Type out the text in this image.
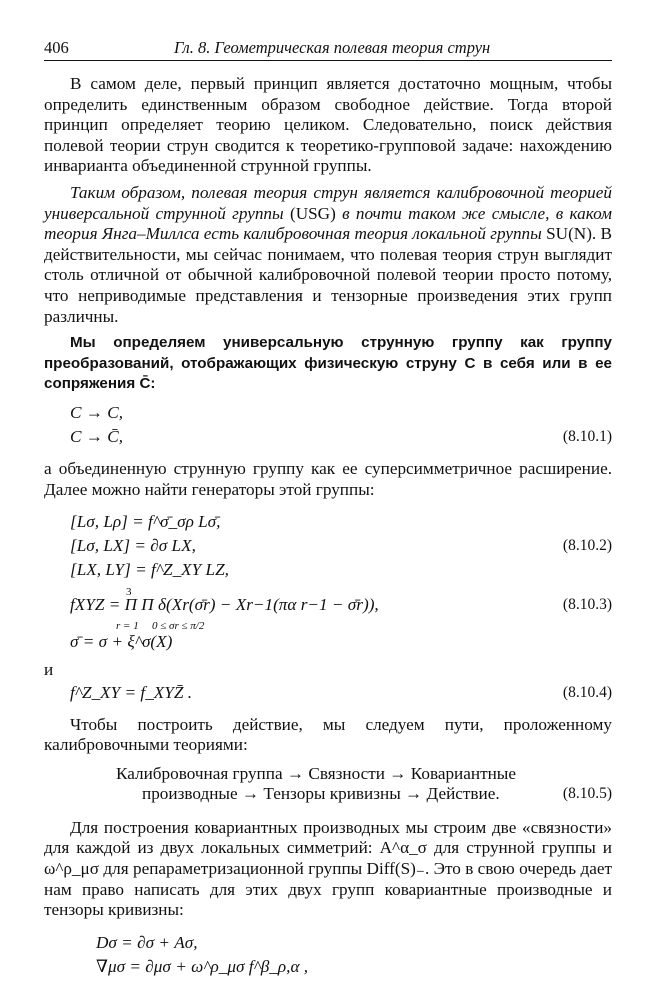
406	Гл. 8. Геометрическая полевая теория струн

В самом деле, первый принцип является достаточно мощным, чтобы определить единственным образом свободное действие. Тогда второй принцип определяет теорию целиком. Следовательно, поиск действия полевой теории струн сводится к теоретико-групповой задаче: нахождению инварианта объединенной струнной группы.

Таким образом, полевая теория струн является калибровочной теорией универсальной струнной группы (USG) в почти таком же смысле, в каком теория Янга–Миллса есть калибровочная теория локальной группы SU(N). В действительности, мы сейчас понимаем, что полевая теория струн выглядит столь отличной от обычной калибровочной полевой теории просто потому, что неприводимые представления и тензорные произведения этих групп различны.

Мы определяем универсальную струнную группу как группу преобразований, отображающих физическую струну C в себя или в ее сопряжения C̄:

C → C,
C → C̄,	(8.10.1)

а объединенную струнную группу как ее суперсимметричное расширение. Далее можно найти генераторы этой группы:

[Lσ, Lρ] = f^σ̄_σρ Lσ̄,
[Lσ, LX] = ∂σ LX,	(8.10.2)
[LX, LY] = f^Z_XY LZ,
3
fXYZ = Π Π δ(Xr(σ̄r) − Xr−1(πα r−1 − σ̄r)),
r = 1 0 ≤ σr ≤ π/2
(8.10.3)
σ̄ = σ + ξ^σ(X)

и

f^Z_XY = f_XYZ̄ .	(8.10.4)

Чтобы построить действие, мы следуем пути, проложенному калибровочными теориями:

Калибровочная группа → Связности → Ковариантные
производные → Тензоры кривизны → Действие.	(8.10.5)

Для построения ковариантных производных мы строим две «связности» для каждой из двух локальных симметрий: A^α_σ для струнной группы и ω^ρ_μσ для репараметризационной группы Diff(S)₋. Это в свою очередь дает нам право написать для этих двух групп ковариантные производные и тензоры кривизны:

Dσ = ∂σ + Aσ,
∇μσ = ∂μσ + ω^ρ_μσ f^β_ρ,α ,
